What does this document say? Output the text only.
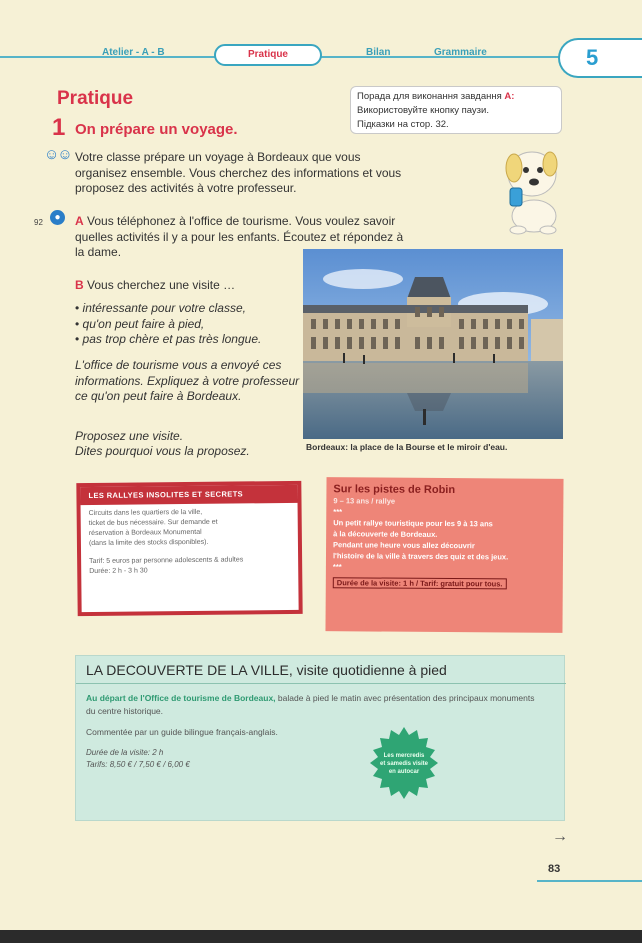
Atelier - A - B	Pratique	Bilan	Grammaire	5
Pratique
1 On prépare un voyage.
Порада для виконання завдання A:
Використовуйте кнопку паузи.
Підказки на стор. 32.
☺☺ Votre classe prépare un voyage à Bordeaux que vous organisez ensemble. Vous cherchez des informations et vous proposez des activités à votre professeur.
92	●	A Vous téléphonez à l'office de tourisme. Vous voulez savoir quelles activités il y a pour les enfants. Écoutez et répondez à la dame.
B Vous cherchez une visite …
• intéressante pour votre classe,
• qu'on peut faire à pied,
• pas trop chère et pas très longue.
L'office de tourisme vous a envoyé ces informations. Expliquez à votre professeur ce qu'on peut faire à Bordeaux.
Proposez une visite.
Dites pourquoi vous la proposez.	Bordeaux: la place de la Bourse et le miroir d'eau.
LES RALLYES INSOLITES ET SECRETS
Circuits dans les quartiers de la ville,
ticket de bus nécessaire. Sur demande et
réservation à Bordeaux Monumental
(dans la limite des stocks disponibles).
Tarif: 5 euros par personne adolescents & adultes
Durée: 2 h - 3 h 30
Sur les pistes de Robin
9 – 13 ans / rallye
***
Un petit rallye touristique pour les 9 à 13 ans
à la découverte de Bordeaux.
Pendant une heure vous allez découvrir
l'histoire de la ville à travers des quiz et des jeux.
***
Durée de la visite: 1 h / Tarif: gratuit pour tous.
LA DECOUVERTE DE LA VILLE, visite quotidienne à pied
Au départ de l'Office de tourisme de Bordeaux, balade à pied le matin avec présentation des principaux monuments du centre historique.
Commentée par un guide bilingue français-anglais.
Durée de la visite: 2 h
Tarifs: 8,50 € / 7,50 € / 6,00 €
Les mercredis
et samedis visite
en autocar
→
83
